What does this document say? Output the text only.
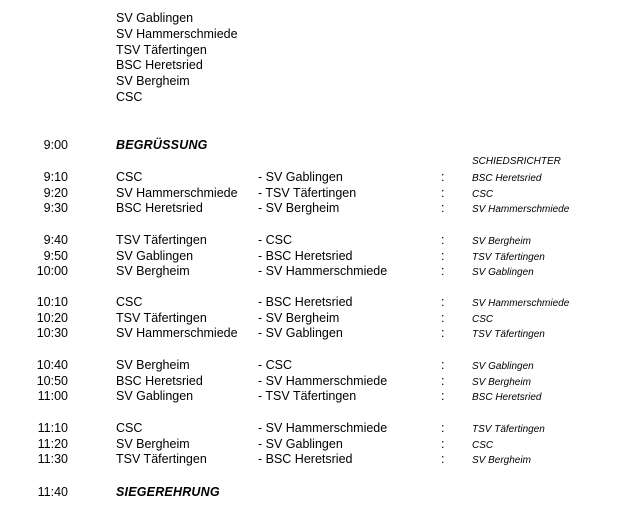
SV Gablingen
SV Hammerschmiede
TSV Täfertingen
BSC Heretsried
SV Bergheim
CSC
9:00	BEGRÜSSUNG
SCHIEDSRICHTER
9:10	CSC	- SV Gablingen	:	BSC Heretsried
9:20	SV Hammerschmiede - TSV Täfertingen	:	CSC
9:30	BSC Heretsried	- SV Bergheim	:	SV Hammerschmiede
9:40	TSV Täfertingen	- CSC	:	SV Bergheim
9:50	SV Gablingen	- BSC Heretsried	:	TSV Täfertingen
10:00	SV Bergheim	- SV Hammerschmiede	:	SV Gablingen
10:10	CSC	- BSC Heretsried	:	SV Hammerschmiede
10:20	TSV Täfertingen	- SV Bergheim	:	CSC
10:30	SV Hammerschmiede - SV Gablingen	:	TSV Täfertingen
10:40	SV Bergheim	- CSC	:	SV Gablingen
10:50	BSC Heretsried	- SV Hammerschmiede	:	SV Bergheim
11:00	SV Gablingen	- TSV Täfertingen	:	BSC Heretsried
11:10	CSC	- SV Hammerschmiede	:	TSV Täfertingen
11:20	SV Bergheim	- SV Gablingen	:	CSC
11:30	TSV Täfertingen	- BSC Heretsried	:	SV Bergheim
11:40	SIEGEREHRUNG
